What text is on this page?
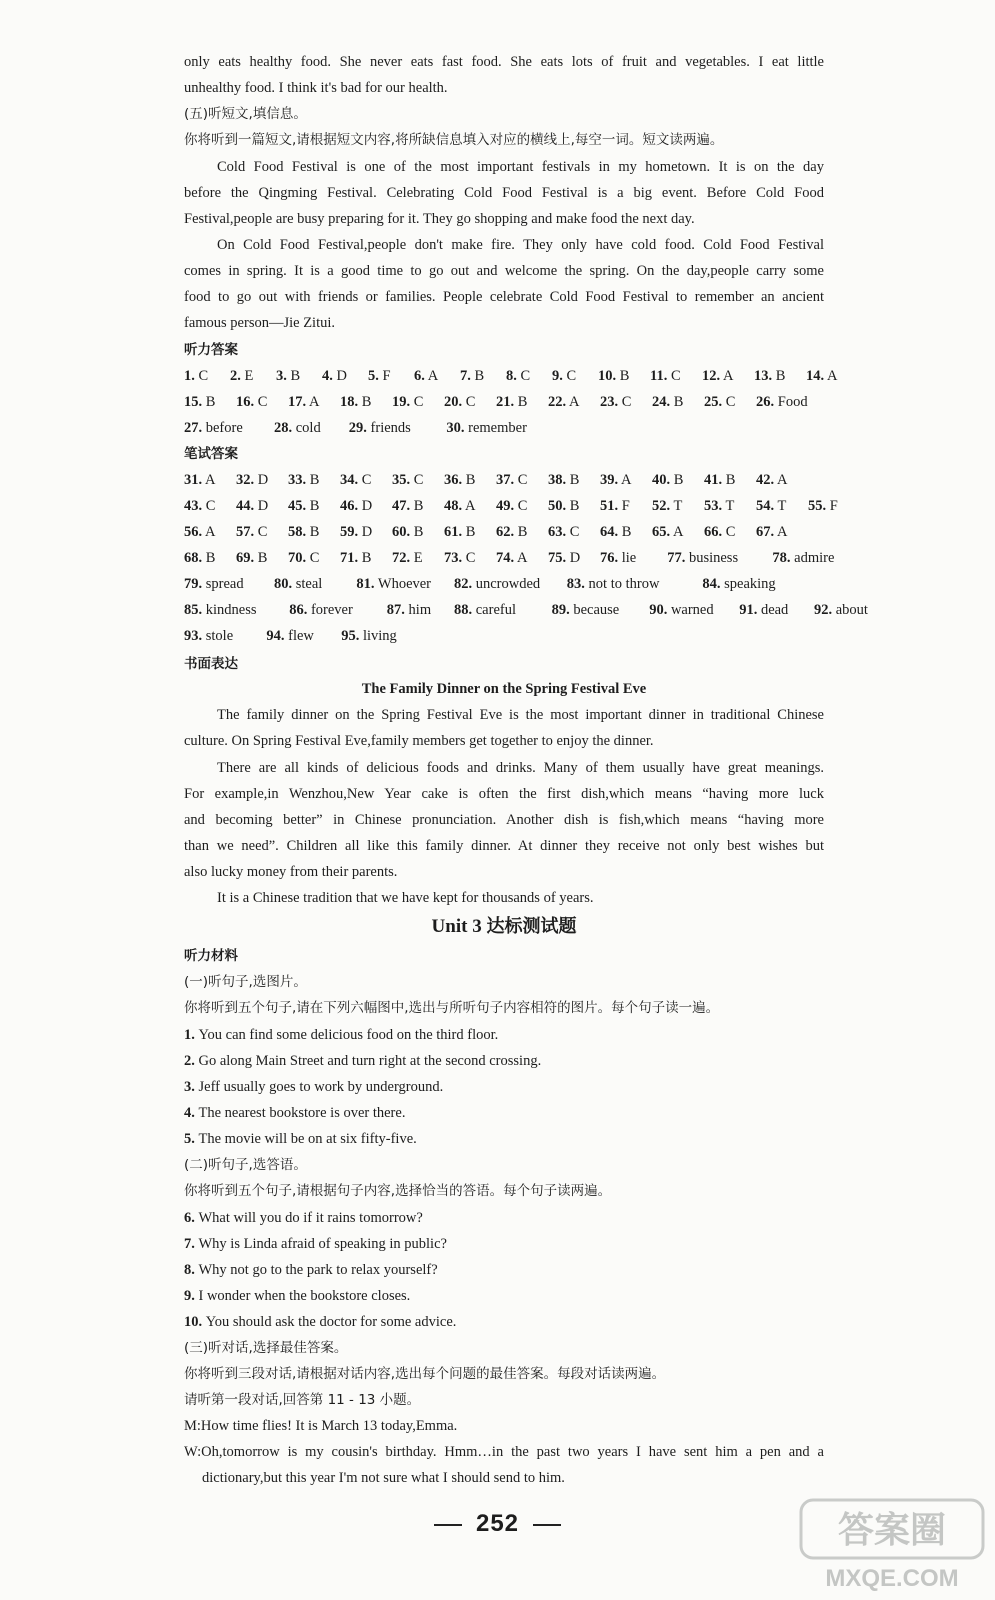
only eats healthy food. She never eats fast food. She eats lots of fruit and vegetables. I eat little
unhealthy food. I think it's bad for our health.
(五)听短文,填信息。
你将听到一篇短文,请根据短文内容,将所缺信息填入对应的横线上,每空一词。短文读两遍。
Cold Food Festival is one of the most important festivals in my hometown. It is on the day
before the Qingming Festival. Celebrating Cold Food Festival is a big event. Before Cold Food
Festival,people are busy preparing for it. They go shopping and make food the next day.
On Cold Food Festival,people don't make fire. They only have cold food. Cold Food Festival
comes in spring. It is a good time to go out and welcome the spring. On the day,people carry some
food to go out with friends or families. People celebrate Cold Food Festival to remember an ancient
famous person—Jie Zitui.
听力答案
1. C 2. E 3. B 4. D 5. F 6. A 7. B 8. C 9. C 10. B 11. C 12. A 13. B 14. A
15. B 16. C 17. A 18. B 19. C 20. C 21. B 22. A 23. C 24. B 25. C 26. Food
27. before 28. cold 29. friends 30. remember
笔试答案
31. A 32. D 33. B 34. C 35. C 36. B 37. C 38. B 39. A 40. B 41. B 42. A
43. C 44. D 45. B 46. D 47. B 48. A 49. C 50. B 51. F 52. T 53. T 54. T 55. F
56. A 57. C 58. B 59. D 60. B 61. B 62. B 63. C 64. B 65. A 66. C 67. A
68. B 69. B 70. C 71. B 72. E 73. C 74. A 75. D 76. lie 77. business 78. admire
79. spread 80. steal 81. Whoever 82. uncrowded 83. not to throw	84. speaking
85. kindness 86. forever 87. him 88. careful 89. because 90. warned 91. dead 92. about
93. stole 94. flew 95. living
书面表达
The Family Dinner on the Spring Festival Eve
The family dinner on the Spring Festival Eve is the most important dinner in traditional Chinese
culture. On Spring Festival Eve,family members get together to enjoy the dinner.
There are all kinds of delicious foods and drinks. Many of them usually have great meanings.
For example,in Wenzhou,New Year cake is often the first dish,which means “having more luck
and becoming better” in Chinese pronunciation. Another dish is fish,which means “having more
than we need”. Children all like this family dinner. At dinner they receive not only best wishes but
also lucky money from their parents.
It is a Chinese tradition that we have kept for thousands of years.
Unit 3 达标测试题
听力材料
(一)听句子,选图片。
你将听到五个句子,请在下列六幅图中,选出与所听句子内容相符的图片。每个句子读一遍。
1. You can find some delicious food on the third floor.
2. Go along Main Street and turn right at the second crossing.
3. Jeff usually goes to work by underground.
4. The nearest bookstore is over there.
5. The movie will be on at six fifty-five.
(二)听句子,选答语。
你将听到五个句子,请根据句子内容,选择恰当的答语。每个句子读两遍。
6. What will you do if it rains tomorrow?
7. Why is Linda afraid of speaking in public?
8. Why not go to the park to relax yourself?
9. I wonder when the bookstore closes.
10. You should ask the doctor for some advice.
(三)听对话,选择最佳答案。
你将听到三段对话,请根据对话内容,选出每个问题的最佳答案。每段对话读两遍。
请听第一段对话,回答第 11 - 13 小题。
M:How time flies! It is March 13 today,Emma.
W:Oh,tomorrow is my cousin's birthday. Hmm…in the past two years I have sent him a pen and a
dictionary,but this year I'm not sure what I should send to him.
252	答案圈
MXQE.COM
